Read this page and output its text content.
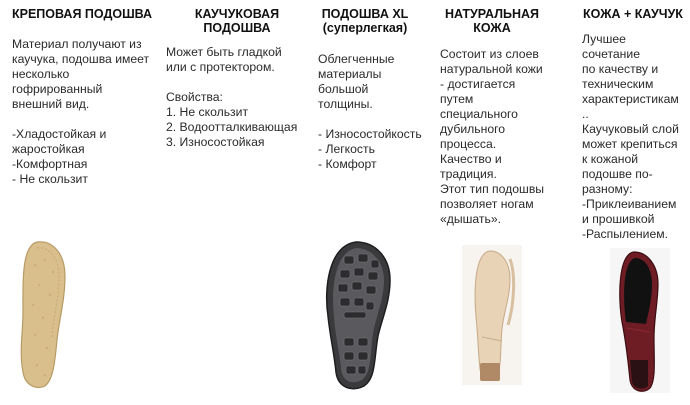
КРЕПОВАЯ ПОДОШВА
Материал получают из
каучука, подошва имеет
несколько
гофрированный
внешний вид.
-Хладостойкая и
жаростойкая
-Комфортная
- Не скользит
КАУЧУКОВАЯ
ПОДОШВА
Может быть гладкой
или с протектором.
Свойства:
1. Не скользит
2. Водоотталкивающая
3. Износостойкая
ПОДОШВА XL
(суперлегкая)
Облегченные
материалы
большой
толщины.
- Износостойкость
- Легкость
- Комфорт
НАТУРАЛЬНАЯ
КОЖА
Состоит из слоев
натуральной кожи
- достигается
путем
специального
дубильного
процесса.
Качество и
традиция.
Этот тип подошвы
позволяет ногам
«дышать».
КОЖА + КАУЧУК
Лучшее
сочетание
по качеству и
техническим
характеристикам
..
Каучуковый слой
может крепиться
к кожаной
подошве по-
разному:
-Приклеиванием
и прошивкой
-Распылением.
